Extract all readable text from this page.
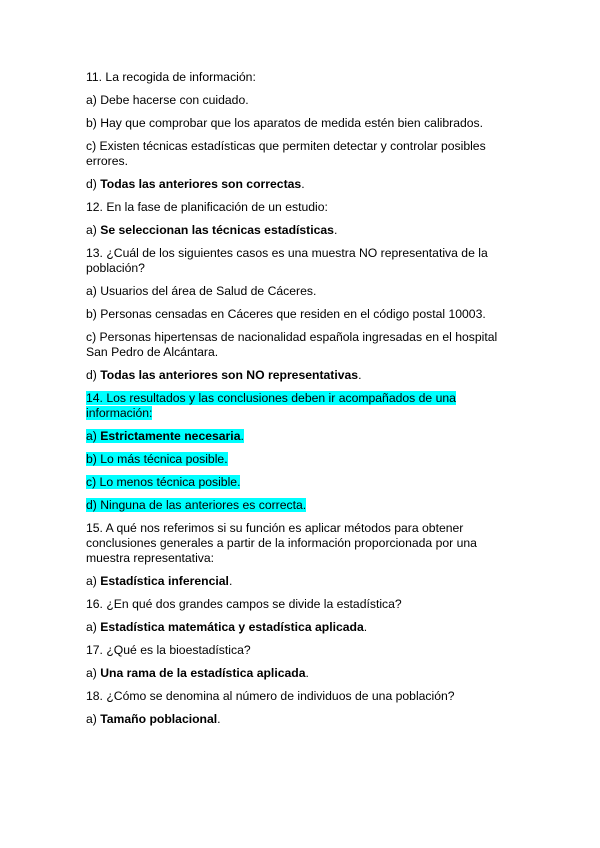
11. La recogida de información:

a) Debe hacerse con cuidado.

b) Hay que comprobar que los aparatos de medida estén bien calibrados.

c) Existen técnicas estadísticas que permiten detectar y controlar posibles errores.

d) Todas las anteriores son correctas.

12. En la fase de planificación de un estudio:

a) Se seleccionan las técnicas estadísticas.

13. ¿Cuál de los siguientes casos es una muestra NO representativa de la población?

a) Usuarios del área de Salud de Cáceres.

b) Personas censadas en Cáceres que residen en el código postal 10003.

c) Personas hipertensas de nacionalidad española ingresadas en el hospital San Pedro de Alcántara.

d) Todas las anteriores son NO representativas.

14. Los resultados y las conclusiones deben ir acompañados de una información:

a) Estrictamente necesaria.

b) Lo más técnica posible.

c) Lo menos técnica posible.

d) Ninguna de las anteriores es correcta.

15. A qué nos referimos si su función es aplicar métodos para obtener conclusiones generales a partir de la información proporcionada por una muestra representativa:

a) Estadística inferencial.

16. ¿En qué dos grandes campos se divide la estadística?

a) Estadística matemática y estadística aplicada.

17. ¿Qué es la bioestadística?

a) Una rama de la estadística aplicada.

18. ¿Cómo se denomina al número de individuos de una población?

a) Tamaño poblacional.
